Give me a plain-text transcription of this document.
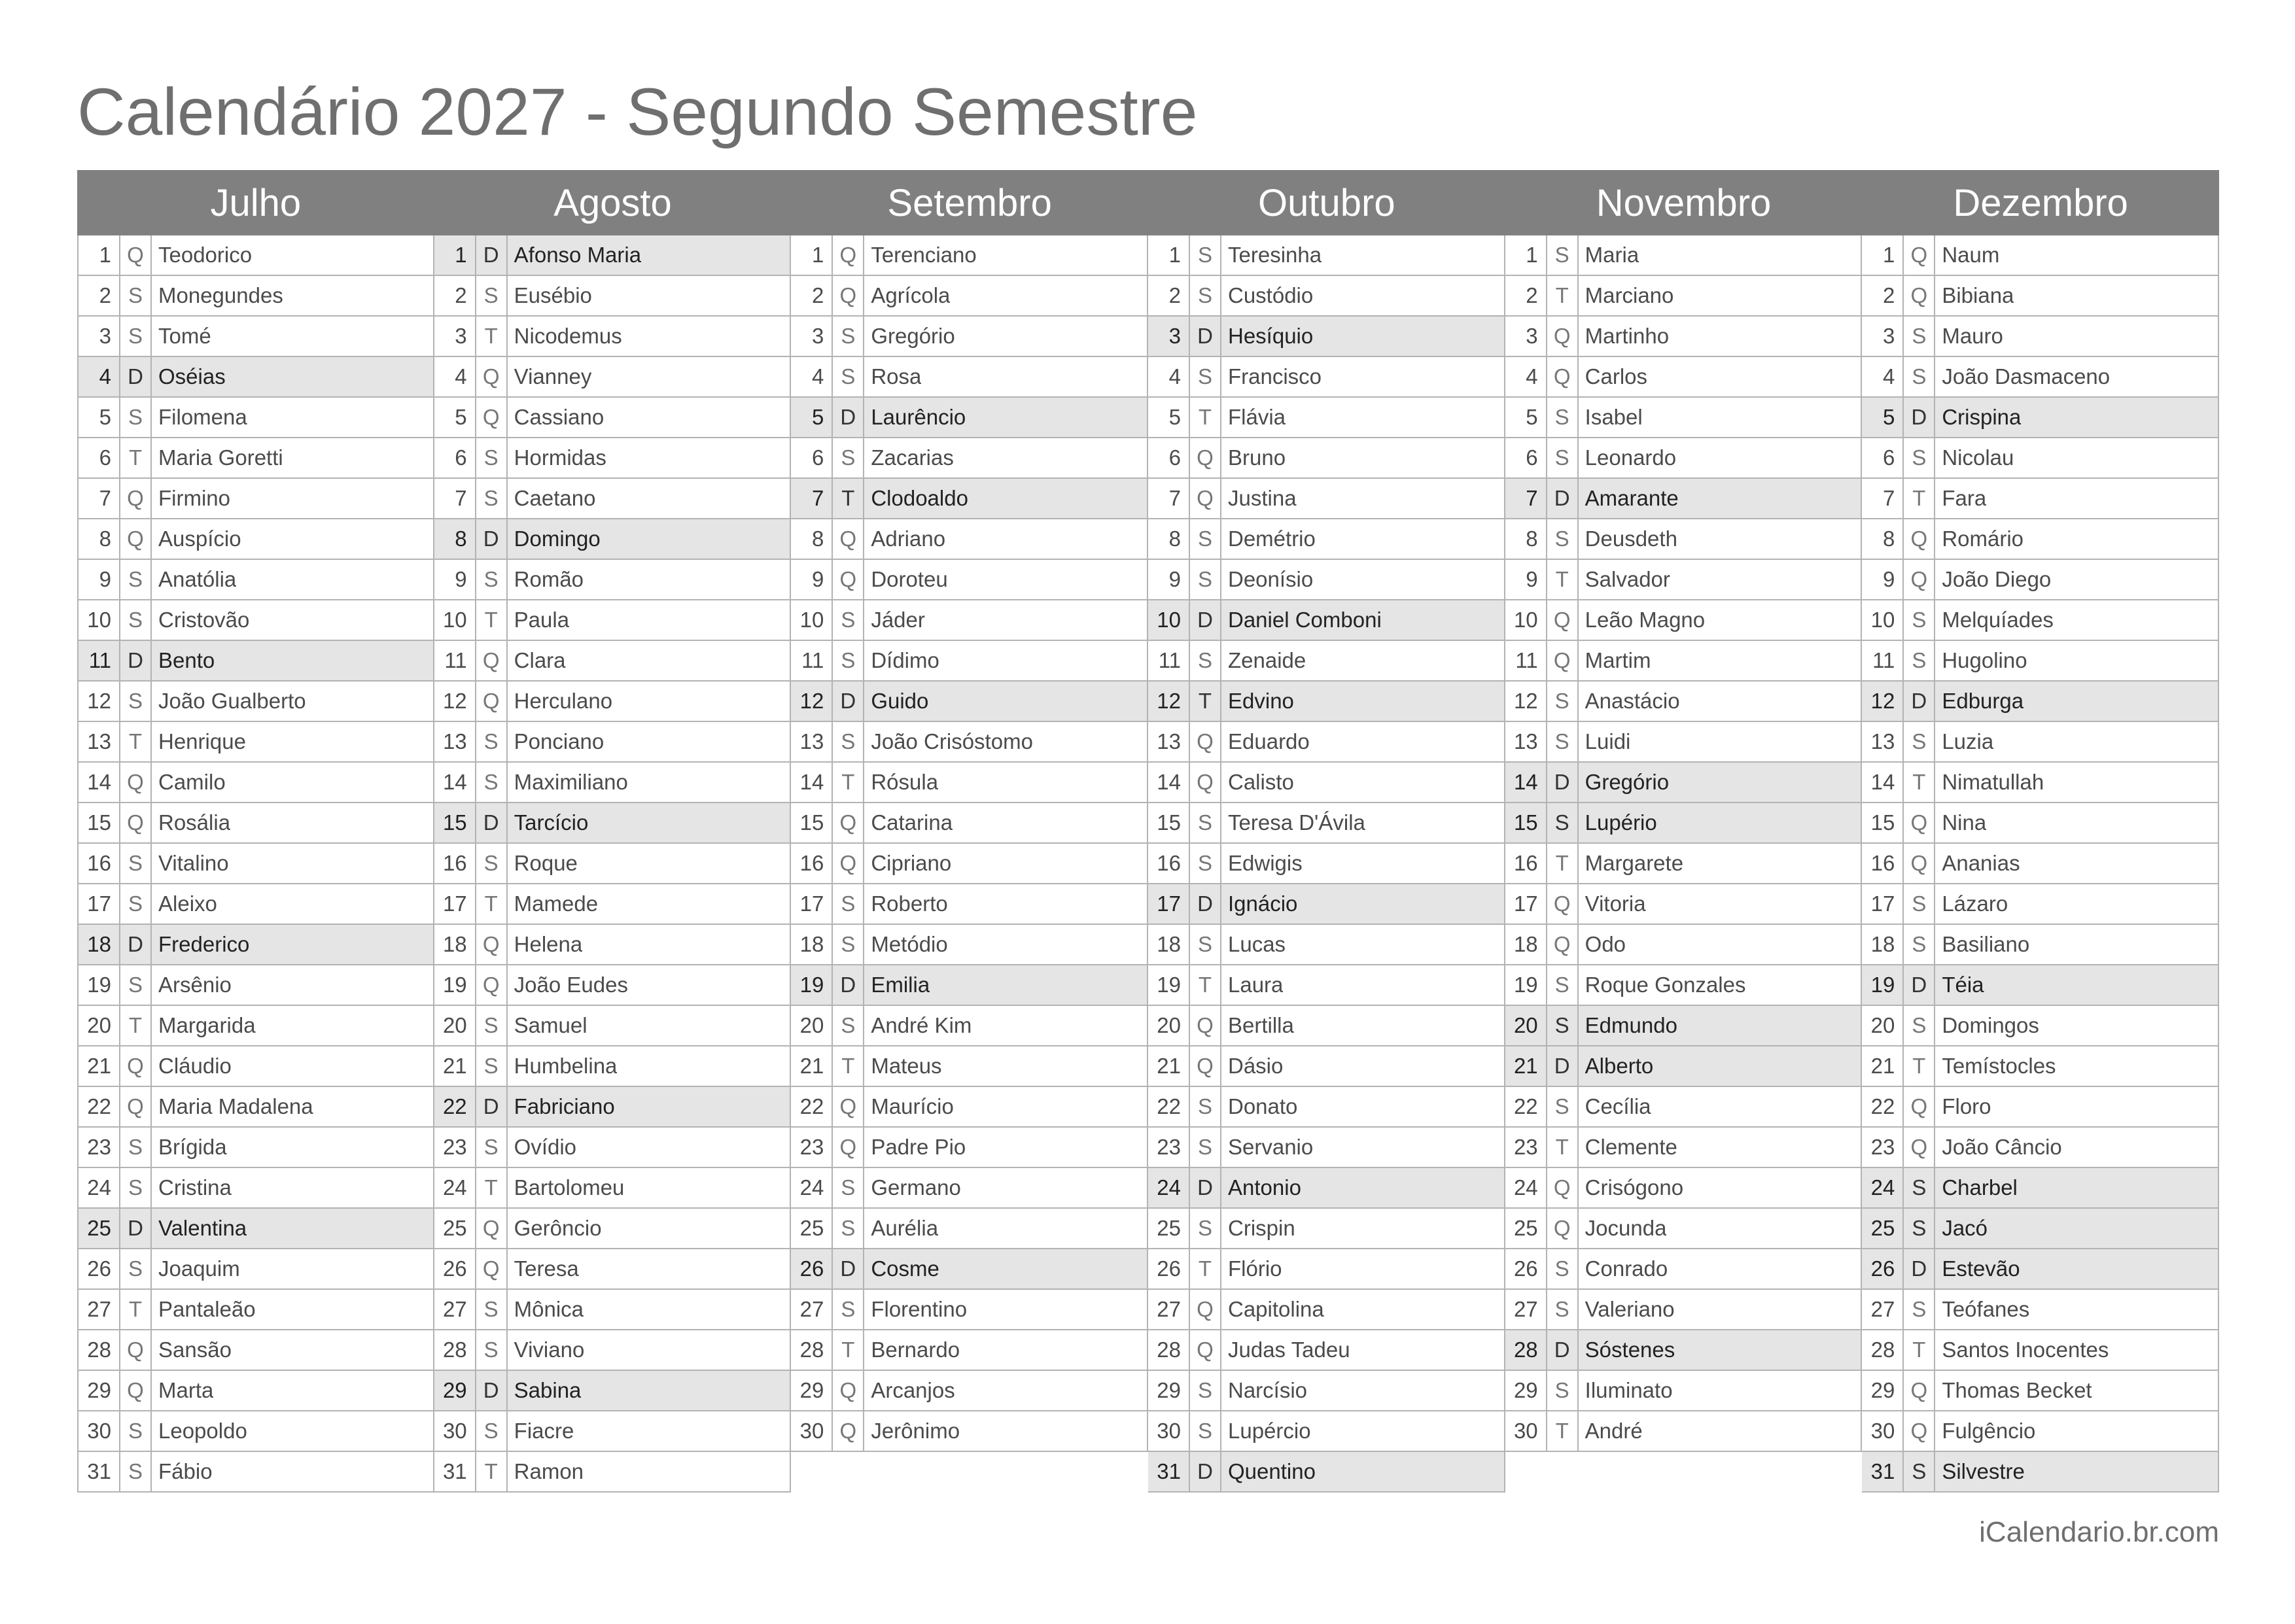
Calendário 2027 - Segundo Semestre
Julho
1 Q Teodorico
2 S Monegundes
3 S Tomé
4 D Oséias
5 S Filomena
6 T Maria Goretti
7 Q Firmino
8 Q Auspício
9 S Anatólia
10 S Cristovão
11 D Bento
12 S João Gualberto
13 T Henrique
14 Q Camilo
15 Q Rosália
16 S Vitalino
17 S Aleixo
18 D Frederico
19 S Arsênio
20 T Margarida
21 Q Cláudio
22 Q Maria Madalena
23 S Brígida
24 S Cristina
25 D Valentina
26 S Joaquim
27 T Pantaleão
28 Q Sansão
29 Q Marta
30 S Leopoldo
31 S Fábio
Agosto
1 D Afonso Maria
2 S Eusébio
3 T Nicodemus
4 Q Vianney
5 Q Cassiano
6 S Hormidas
7 S Caetano
8 D Domingo
9 S Romão
10 T Paula
11 Q Clara
12 Q Herculano
13 S Ponciano
14 S Maximiliano
15 D Tarcício
16 S Roque
17 T Mamede
18 Q Helena
19 Q João Eudes
20 S Samuel
21 S Humbelina
22 D Fabriciano
23 S Ovídio
24 T Bartolomeu
25 Q Gerôncio
26 Q Teresa
27 S Mônica
28 S Viviano
29 D Sabina
30 S Fiacre
31 T Ramon
Setembro
1 Q Terenciano
2 Q Agrícola
3 S Gregório
4 S Rosa
5 D Laurêncio
6 S Zacarias
7 T Clodoaldo
8 Q Adriano
9 Q Doroteu
10 S Jáder
11 S Dídimo
12 D Guido
13 S João Crisóstomo
14 T Rósula
15 Q Catarina
16 Q Cipriano
17 S Roberto
18 S Metódio
19 D Emilia
20 S André Kim
21 T Mateus
22 Q Maurício
23 Q Padre Pio
24 S Germano
25 S Aurélia
26 D Cosme
27 S Florentino
28 T Bernardo
29 Q Arcanjos
30 Q Jerônimo
Outubro
1 S Teresinha
2 S Custódio
3 D Hesíquio
4 S Francisco
5 T Flávia
6 Q Bruno
7 Q Justina
8 S Demétrio
9 S Deonísio
10 D Daniel Comboni
11 S Zenaide
12 T Edvino
13 Q Eduardo
14 Q Calisto
15 S Teresa D'Ávila
16 S Edwigis
17 D Ignácio
18 S Lucas
19 T Laura
20 Q Bertilla
21 Q Dásio
22 S Donato
23 S Servanio
24 D Antonio
25 S Crispin
26 T Flório
27 Q Capitolina
28 Q Judas Tadeu
29 S Narcísio
30 S Lupércio
31 D Quentino
Novembro
1 S Maria
2 T Marciano
3 Q Martinho
4 Q Carlos
5 S Isabel
6 S Leonardo
7 D Amarante
8 S Deusdeth
9 T Salvador
10 Q Leão Magno
11 Q Martim
12 S Anastácio
13 S Luidi
14 D Gregório
15 S Lupério
16 T Margarete
17 Q Vitoria
18 Q Odo
19 S Roque Gonzales
20 S Edmundo
21 D Alberto
22 S Cecília
23 T Clemente
24 Q Crisógono
25 Q Jocunda
26 S Conrado
27 S Valeriano
28 D Sóstenes
29 S Iluminato
30 T André
Dezembro
1 Q Naum
2 Q Bibiana
3 S Mauro
4 S João Dasmaceno
5 D Crispina
6 S Nicolau
7 T Fara
8 Q Romário
9 Q João Diego
10 S Melquíades
11 S Hugolino
12 D Edburga
13 S Luzia
14 T Nimatullah
15 Q Nina
16 Q Ananias
17 S Lázaro
18 S Basiliano
19 D Téia
20 S Domingos
21 T Temístocles
22 Q Floro
23 Q João Câncio
24 S Charbel
25 S Jacó
26 D Estevão
27 S Teófanes
28 T Santos Inocentes
29 Q Thomas Becket
30 Q Fulgêncio
31 S Silvestre
iCalendario.br.com
